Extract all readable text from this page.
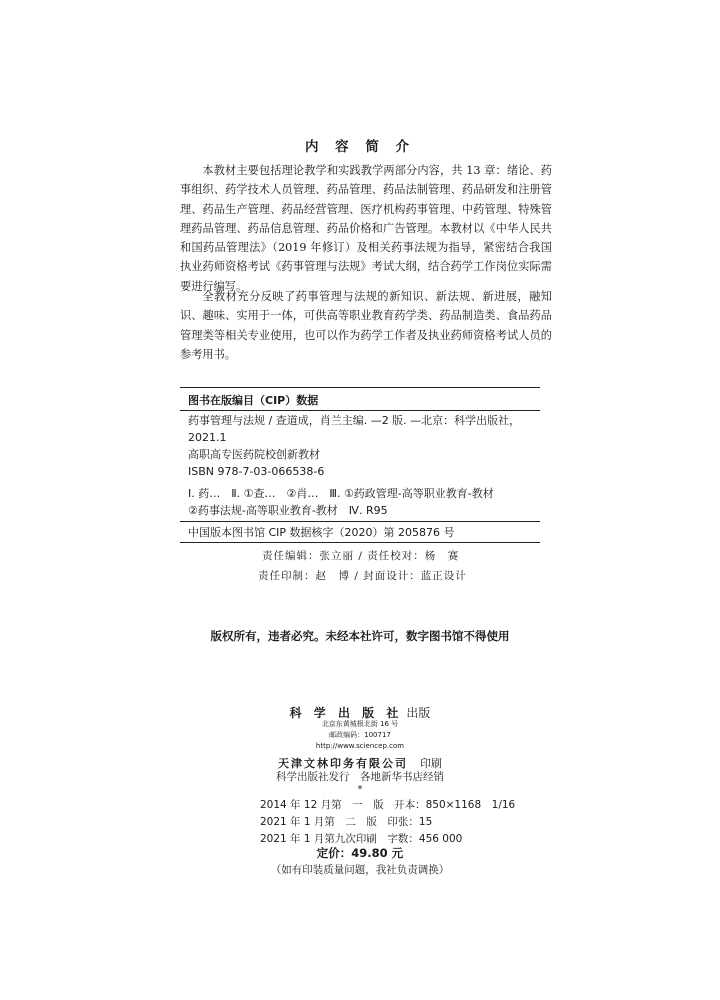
内 容 简 介

本教材主要包括理论教学和实践教学两部分内容，共 13 章：绪论、药事组织、药学技术人员管理、药品管理、药品法制管理、药品研发和注册管理、药品生产管理、药品经营管理、医疗机构药事管理、中药管理、特殊管理药品管理、药品信息管理、药品价格和广告管理。本教材以《中华人民共和国药品管理法》（2019 年修订）及相关药事法规为指导，紧密结合我国执业药师资格考试《药事管理与法规》考试大纲，结合药学工作岗位实际需要进行编写。

全教材充分反映了药事管理与法规的新知识、新法规、新进展，融知识、趣味、实用于一体，可供高等职业教育药学类、药品制造类、食品药品管理类等相关专业使用，也可以作为药学工作者及执业药师资格考试人员的参考用书。

图书在版编目（CIP）数据
药事管理与法规 / 查道成，肖兰主编. —2 版. —北京：科学出版社，
2021.1
高职高专医药院校创新教材
ISBN 978-7-03-066538-6
Ⅰ. 药…　Ⅱ. ①查…　②肖…　Ⅲ. ①药政管理-高等职业教育-教材
②药事法规-高等职业教育-教材　Ⅳ. R95
中国版本图书馆 CIP 数据核字（2020）第 205876 号
责任编辑：张立丽 / 责任校对：杨　赛
责任印制：赵　博 / 封面设计：蓝正设计
版权所有，违者必究。未经本社许可，数字图书馆不得使用
科 学 出 版 社 出版
北京东黄城根北街 16 号
邮政编码：100717
http://www.sciencep.com
天津文林印务有限公司 印刷
科学出版社发行　各地新华书店经销
*
2014 年 12 月第　一　版　开本：850×1168　1/16
2021 年 1 月第　二　版　印张：15
2021 年 1 月第九次印刷　字数：456 000
定价：49.80 元
（如有印装质量问题，我社负责调换）
